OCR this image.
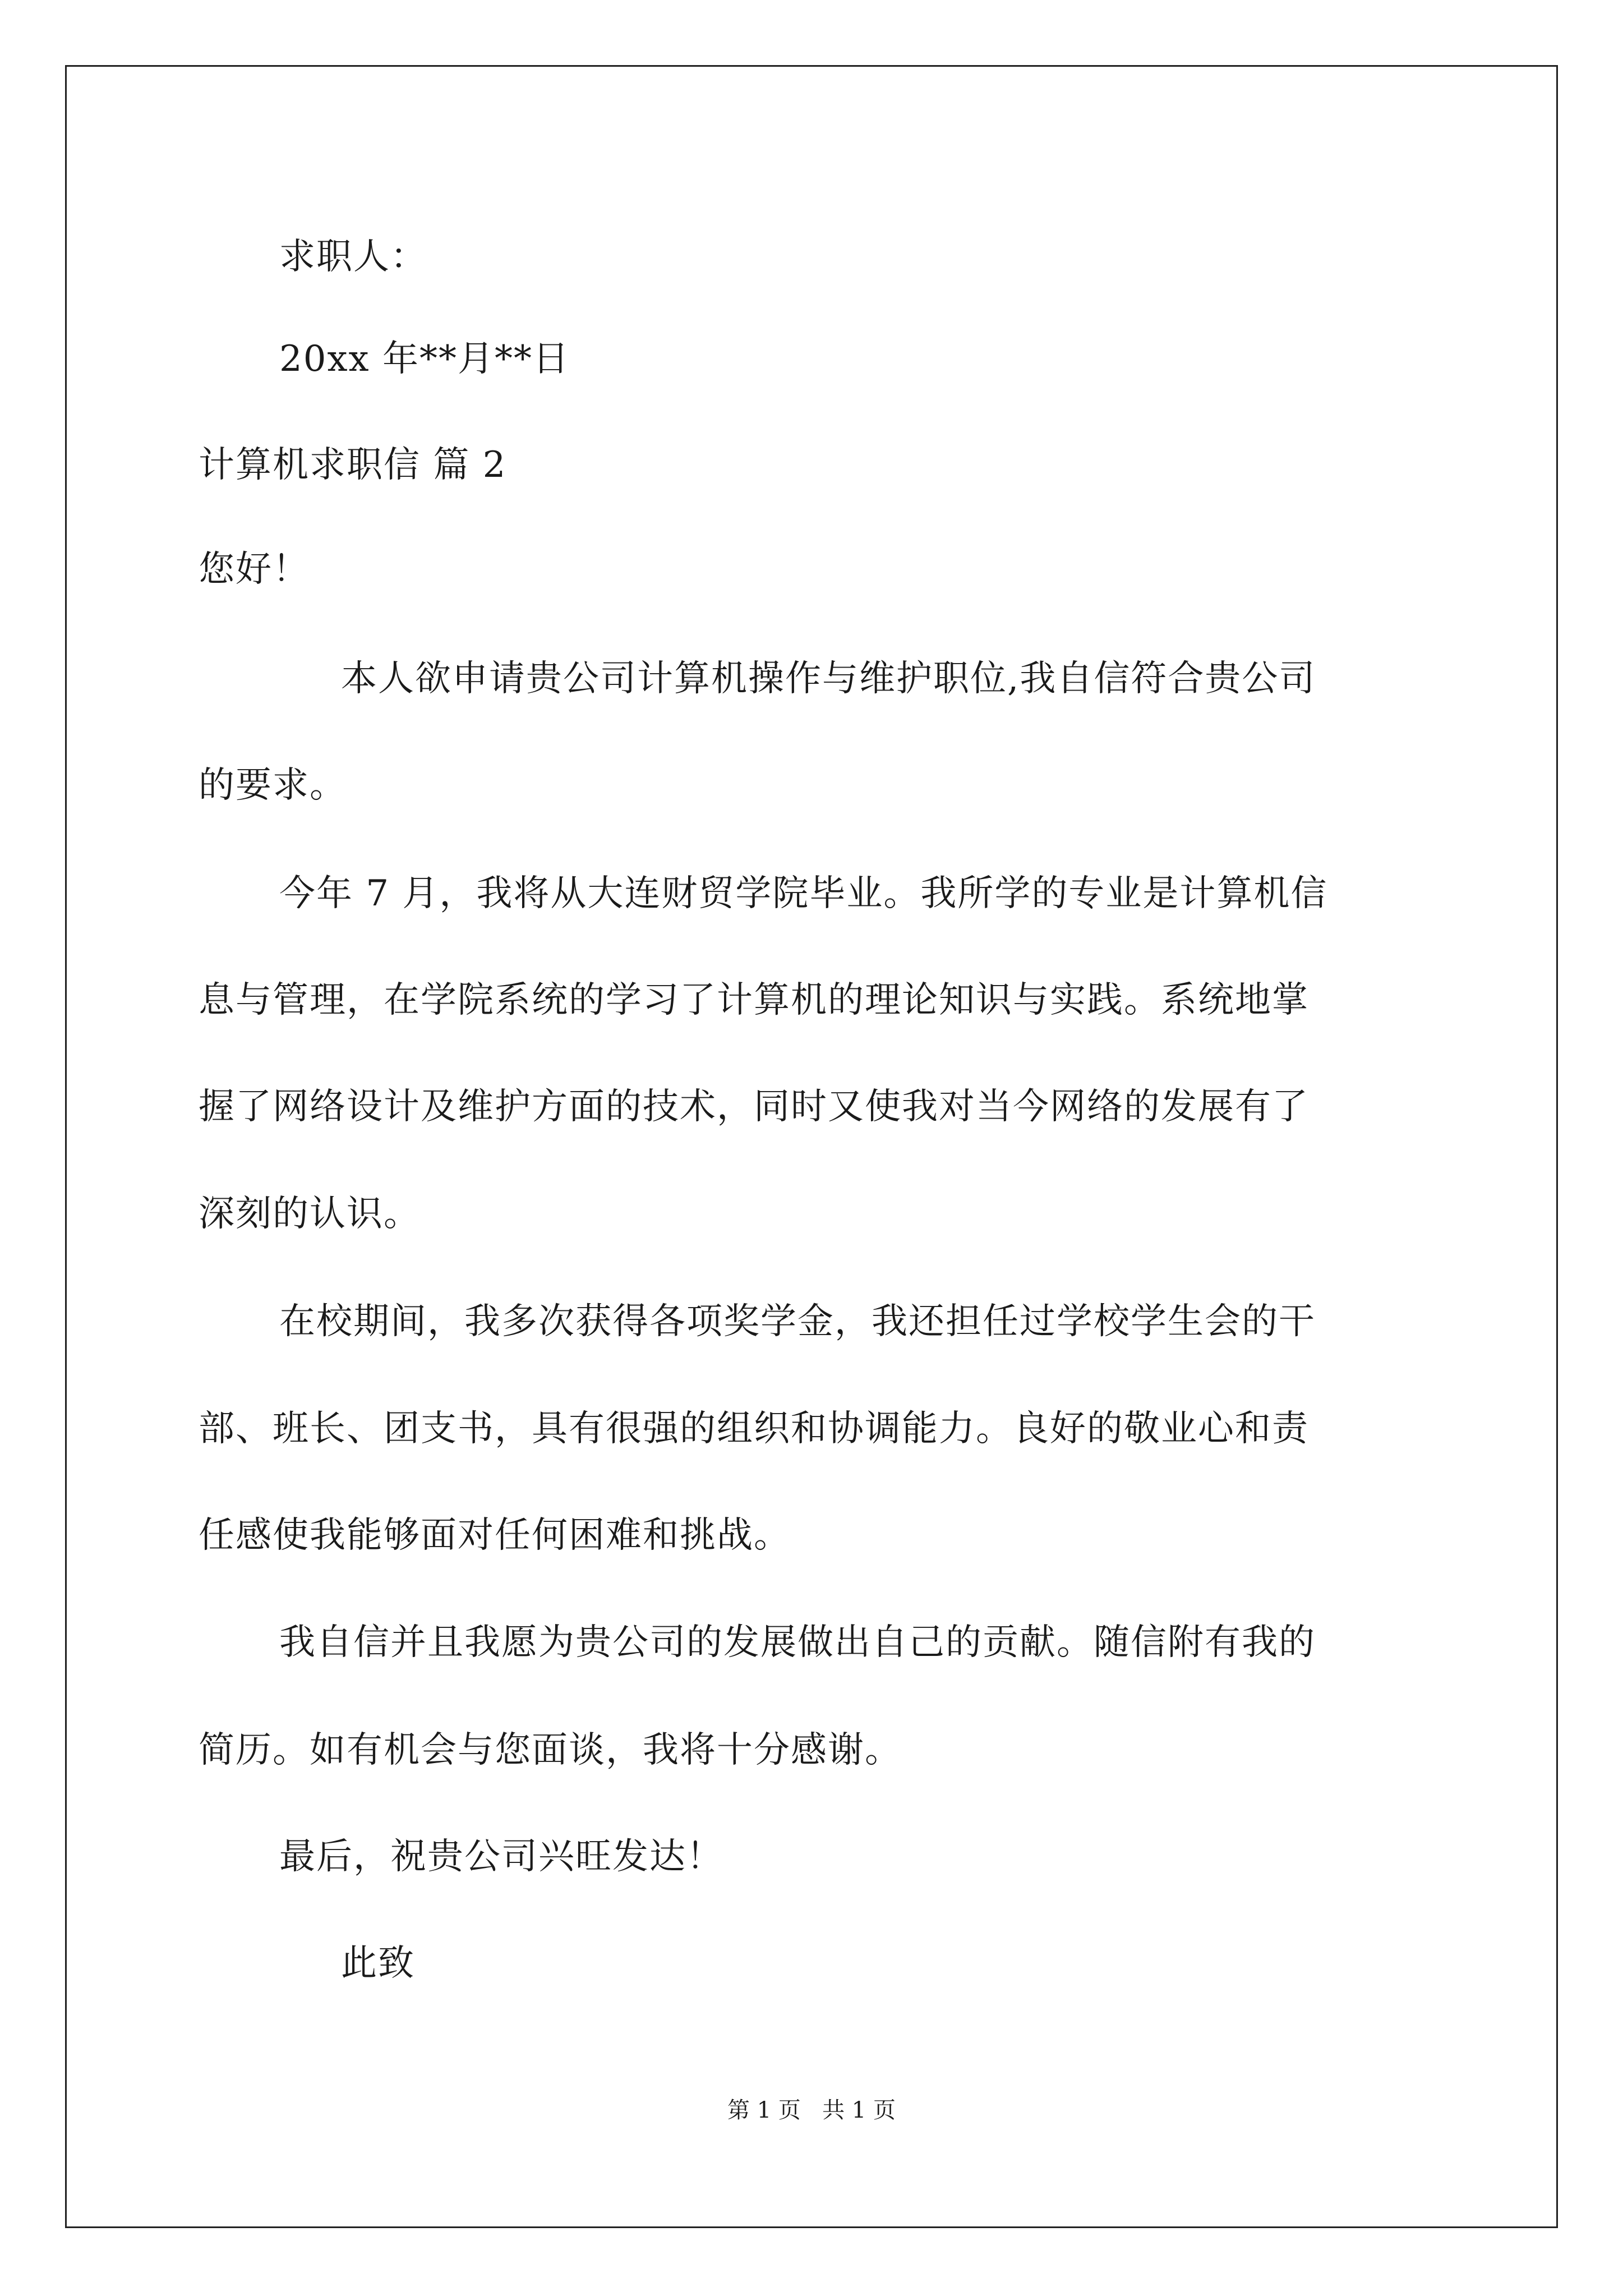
求职人：
20xx 年**月**日
计算机求职信 篇 2
您好！
本人欲申请贵公司计算机操作与维护职位,我自信符合贵公司
的要求。
今年 7 月，我将从大连财贸学院毕业。我所学的专业是计算机信
息与管理，在学院系统的学习了计算机的理论知识与实践。系统地掌
握了网络设计及维护方面的技术，同时又使我对当今网络的发展有了
深刻的认识。
在校期间，我多次获得各项奖学金，我还担任过学校学生会的干
部、班长、团支书，具有很强的组织和协调能力。良好的敬业心和责
任感使我能够面对任何困难和挑战。
我自信并且我愿为贵公司的发展做出自己的贡献。随信附有我的
简历。如有机会与您面谈，我将十分感谢。
最后，祝贵公司兴旺发达！
此致
第 1 页   共 1 页
